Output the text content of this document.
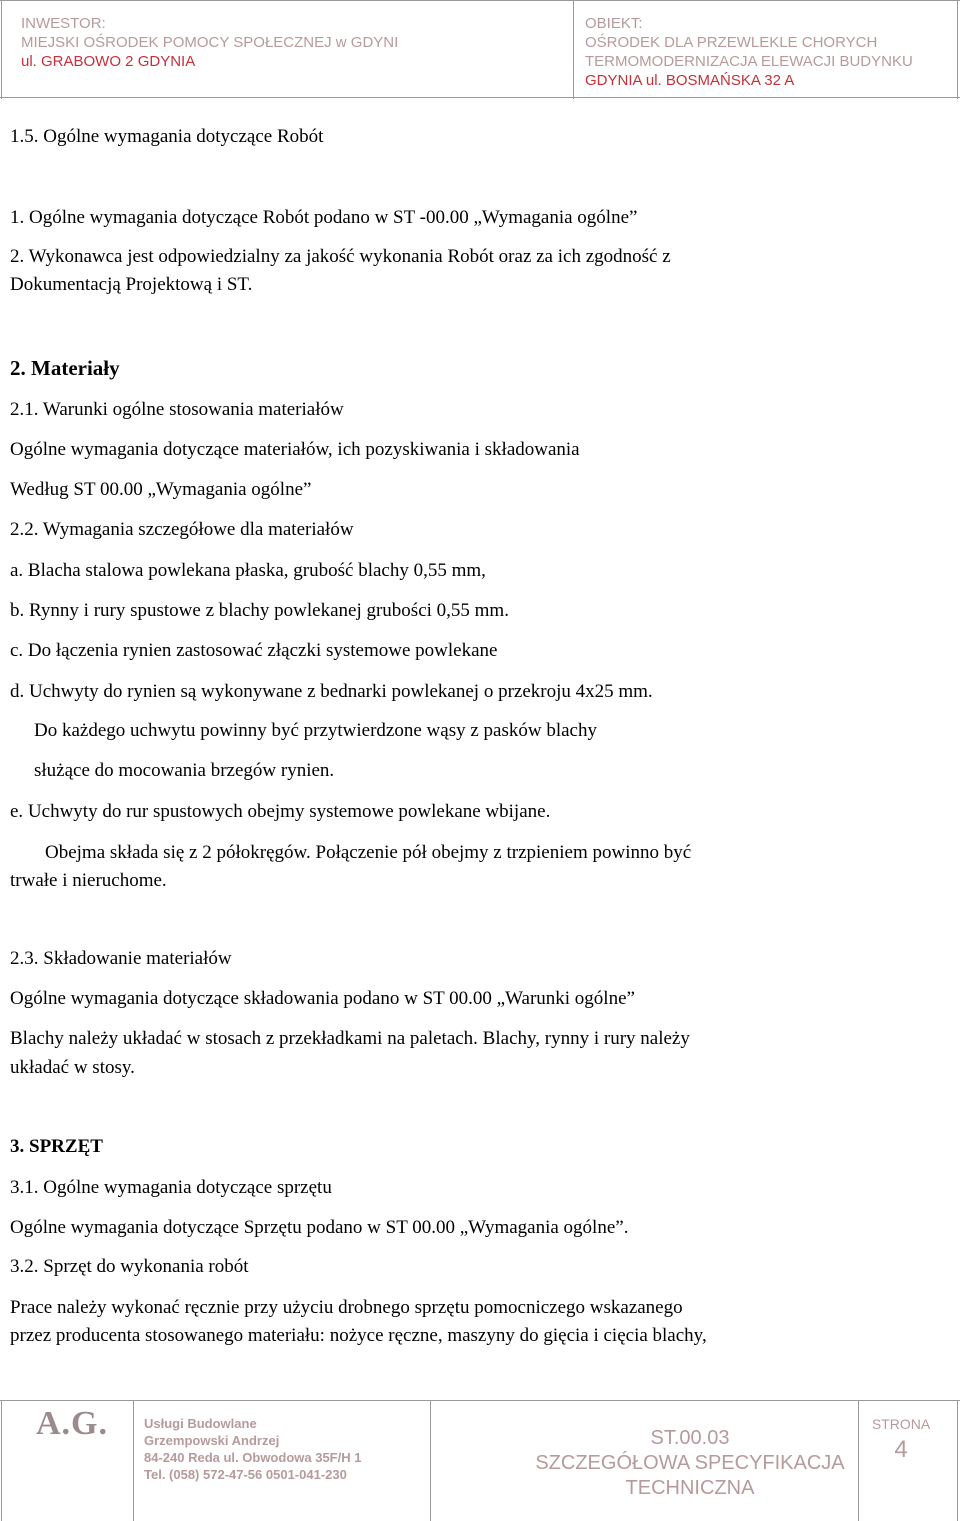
INWESTOR:
MIEJSKI OŚRODEK POMOCY SPOŁECZNEJ w GDYNI
ul. GRABOWO 2 GDYNIA
OBIEKT:
OŚRODEK DLA PRZEWLEKLE CHORYCH
TERMOMODERNIZACJA ELEWACJI BUDYNKU
GDYNIA ul. BOSMAŃSKA 32 A
1.5. Ogólne wymagania dotyczące Robót
1. Ogólne wymagania dotyczące Robót podano w ST -00.00 „Wymagania ogólne”
2. Wykonawca jest odpowiedzialny za jakość wykonania Robót oraz za ich zgodność z
Dokumentacją Projektową i ST.
2. Materiały
2.1. Warunki ogólne stosowania materiałów
Ogólne wymagania dotyczące materiałów, ich pozyskiwania i składowania
Według ST 00.00 „Wymagania ogólne”
2.2. Wymagania szczegółowe dla materiałów
a. Blacha stalowa powlekana płaska, grubość blachy 0,55 mm,
b. Rynny i rury spustowe z blachy powlekanej grubości 0,55 mm.
c. Do łączenia rynien zastosować złączki systemowe powlekane
d. Uchwyty do rynien są wykonywane z bednarki powlekanej o przekroju 4x25 mm.
Do każdego uchwytu powinny być przytwierdzone wąsy z pasków blachy
służące do mocowania brzegów rynien.
e. Uchwyty do rur spustowych obejmy systemowe powlekane wbijane.
Obejma składa się z 2 półokręgów. Połączenie pół obejmy z trzpieniem powinno być
trwałe i nieruchome.
2.3. Składowanie materiałów
Ogólne wymagania dotyczące składowania podano w ST 00.00 „Warunki ogólne”
Blachy należy układać w stosach z przekładkami na paletach. Blachy, rynny i rury należy
układać w stosy.
3. SPRZĘT
3.1. Ogólne wymagania dotyczące sprzętu
Ogólne wymagania dotyczące Sprzętu podano w ST 00.00 „Wymagania ogólne”.
3.2. Sprzęt do wykonania robót
Prace należy wykonać ręcznie przy użyciu drobnego sprzętu pomocniczego wskazanego
przez producenta stosowanego materiału: nożyce ręczne, maszyny do gięcia i cięcia blachy,
A.G.	Usługi Budowlane
Grzempowski Andrzej
84-240 Reda ul. Obwodowa 35F/H 1
Tel. (058) 572-47-56 0501-041-230
ST.00.03
SZCZEGÓŁOWA SPECYFIKACJA
TECHNICZNA
STRONA
4
